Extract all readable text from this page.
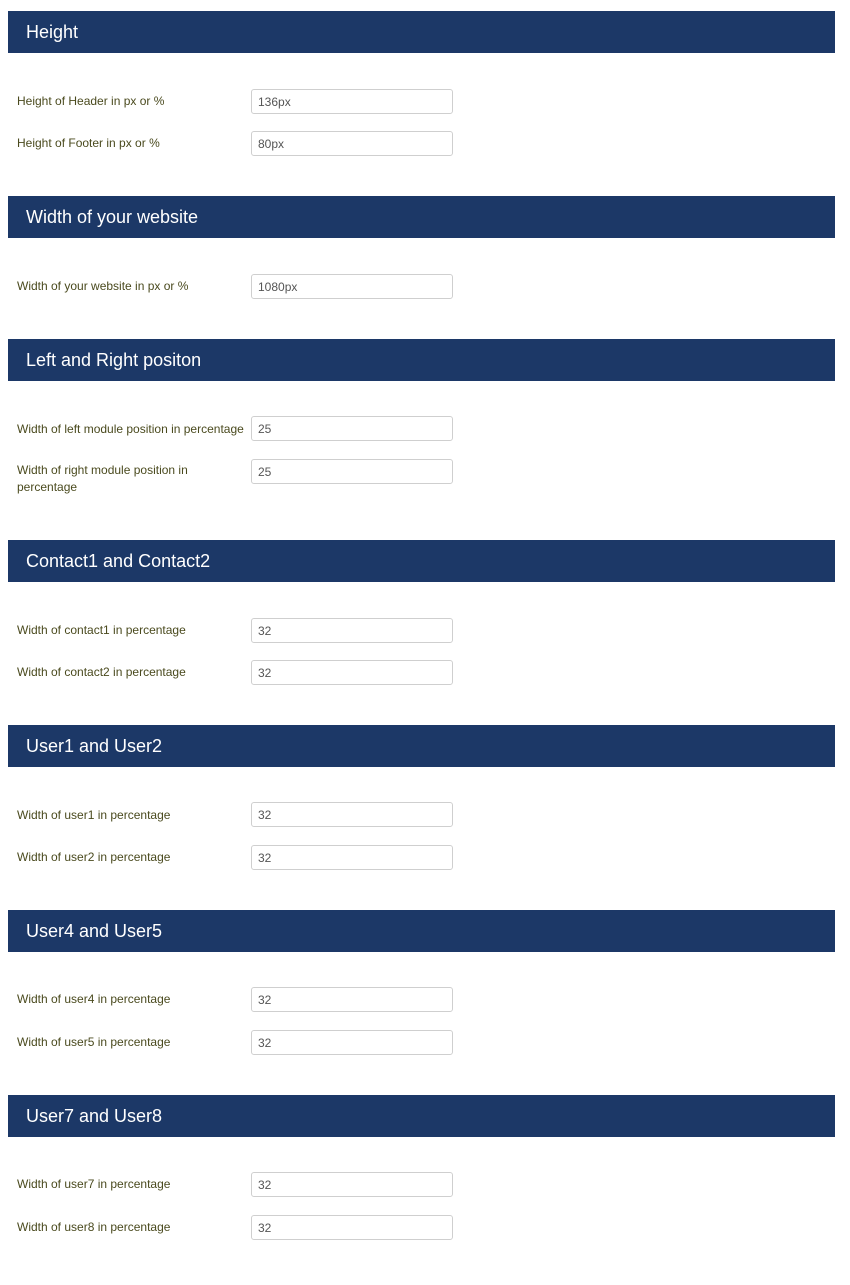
Height
Height of Header in px or %
136px
Height of Footer in px or %
80px
Width of your website
Width of your website in px or %
1080px
Left and Right positon
Width of left module position in percentage
25
Width of right module position in percentage
25
Contact1 and Contact2
Width of contact1 in percentage
32
Width of contact2 in percentage
32
User1 and User2
Width of user1 in percentage
32
Width of user2 in percentage
32
User4 and User5
Width of user4 in percentage
32
Width of user5 in percentage
32
User7 and User8
Width of user7 in percentage
32
Width of user8 in percentage
32
